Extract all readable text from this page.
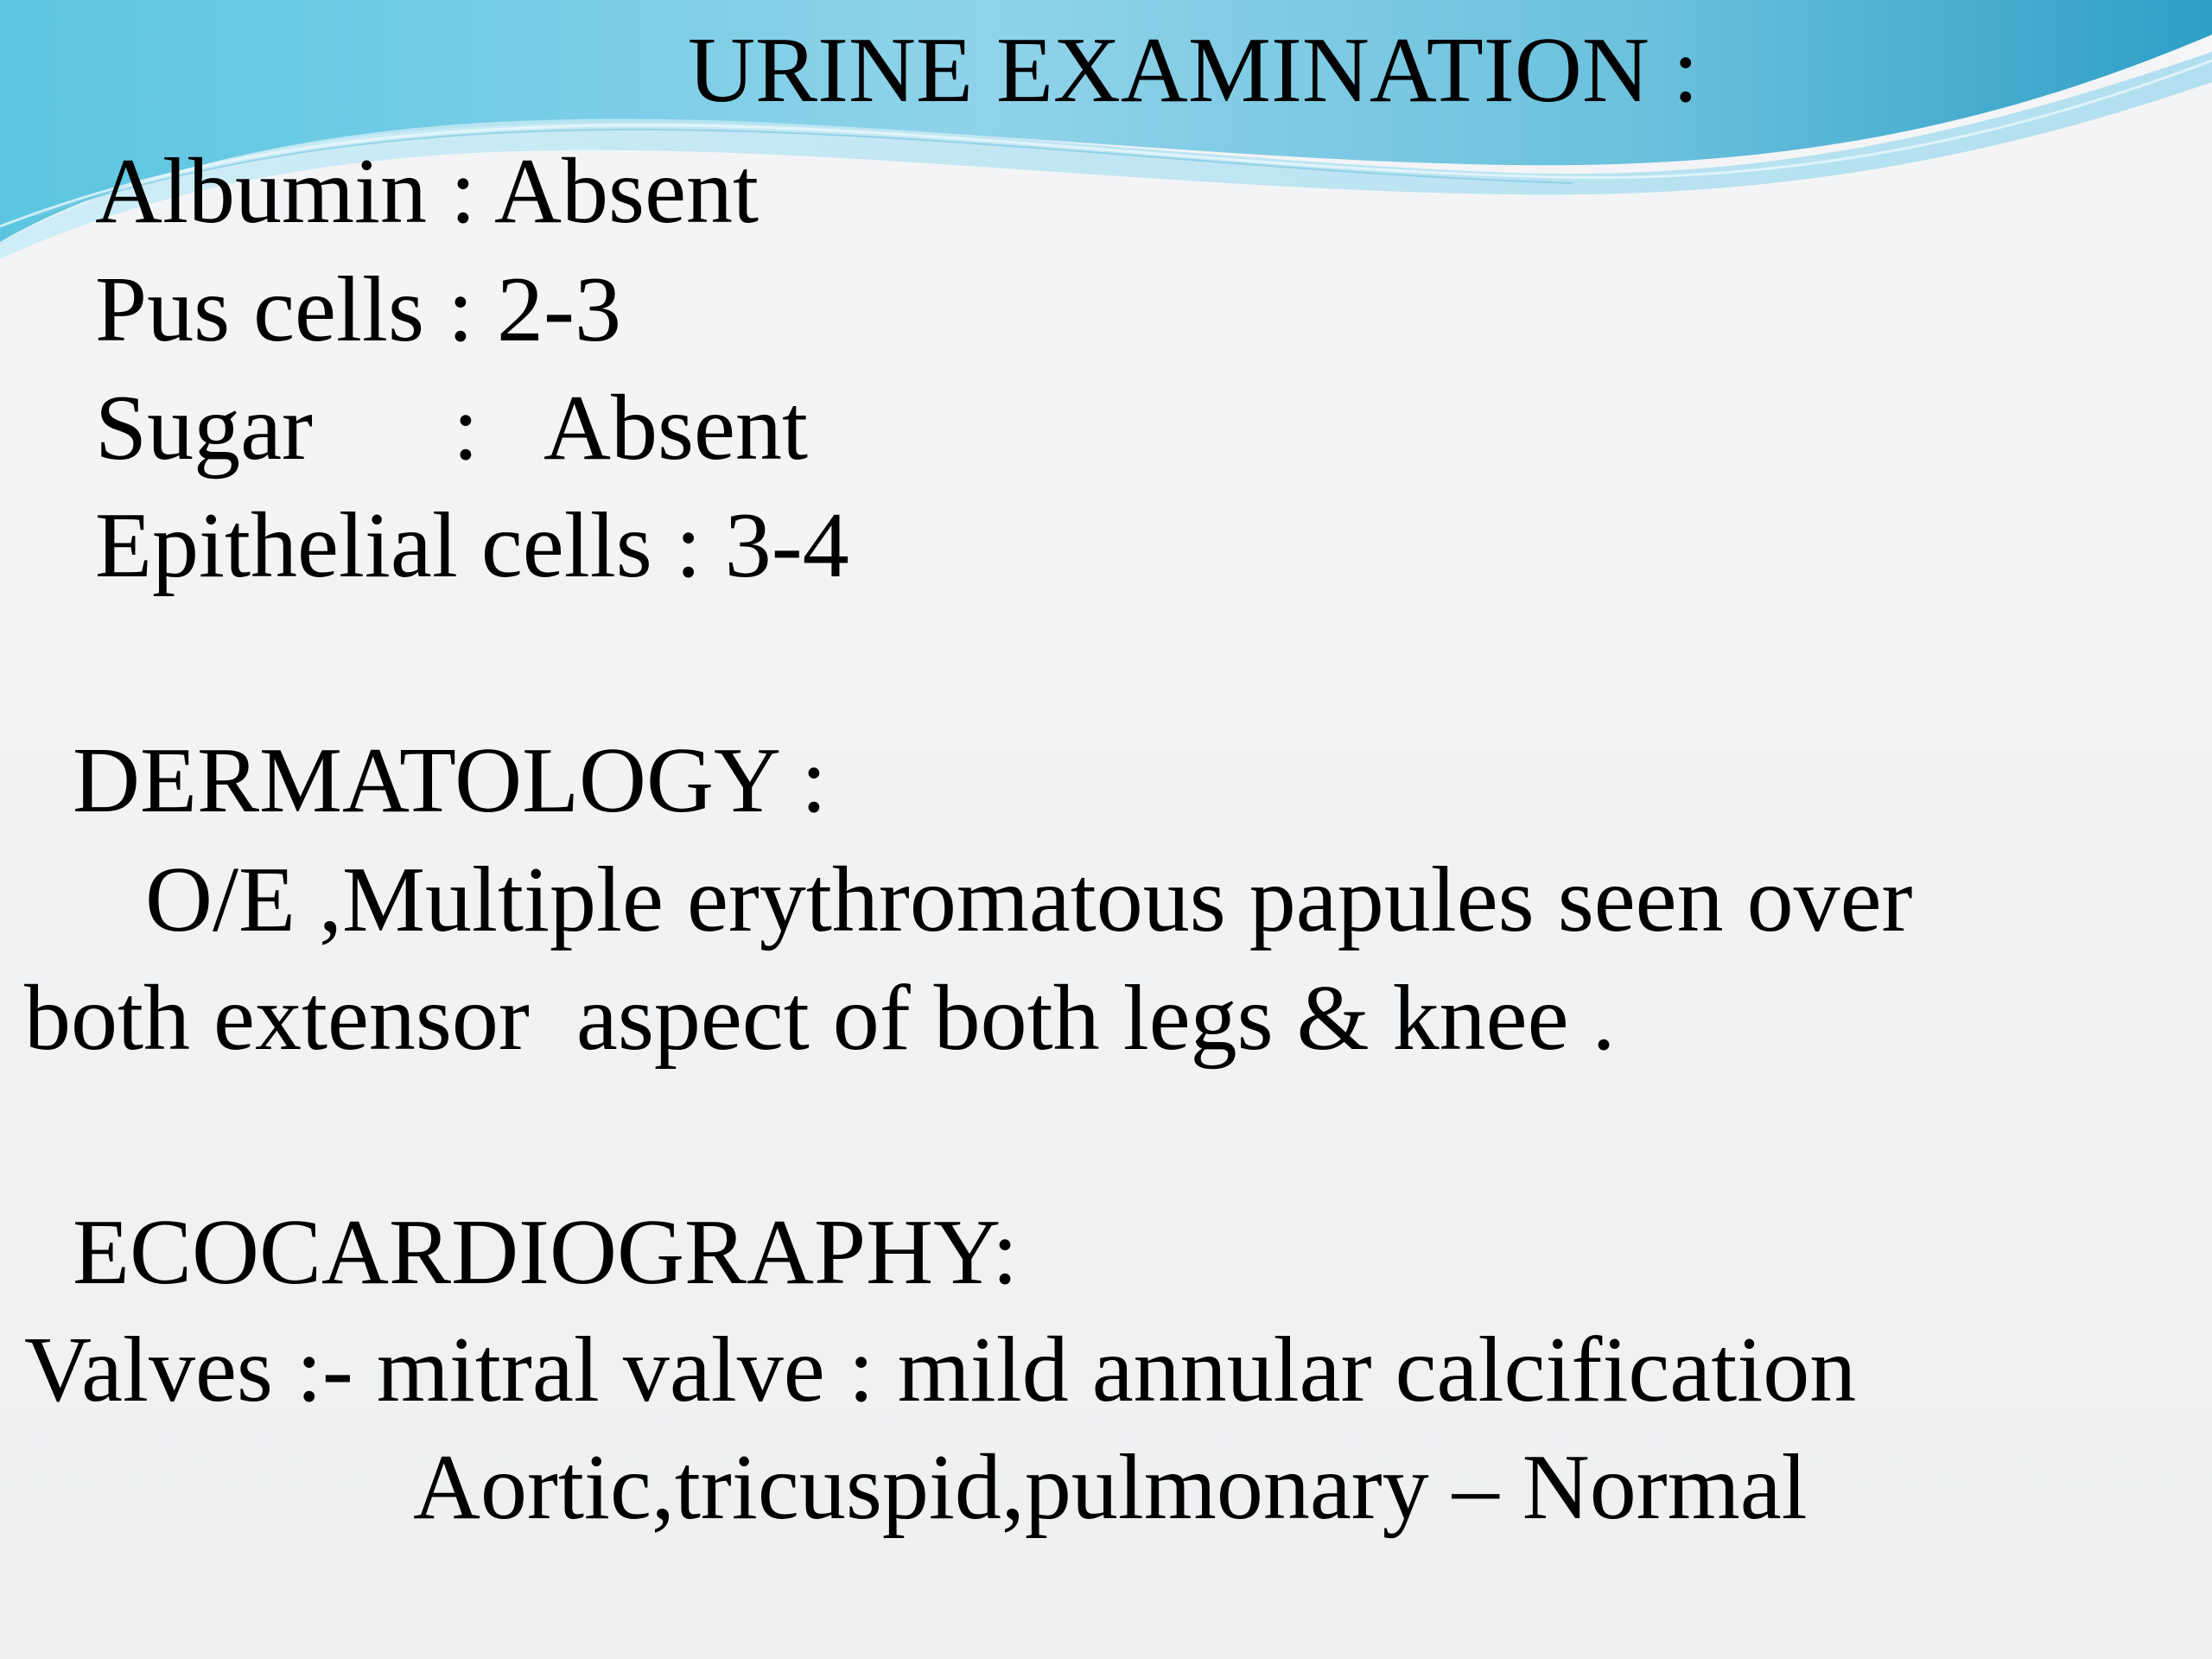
URINE EXAMINATION :

Albumin : Absent

Pus cells : 2-3

Sugar      :   Absent

Epithelial cells : 3-4

DERMATOLOGY :

O/E ,Multiple erythromatous papules seen over

both extensor  aspect of both legs & knee .

ECOCARDIOGRAPHY:

Valves :- mitral valve : mild annular calcification

Aortic,tricuspid,pulmonary – Normal
